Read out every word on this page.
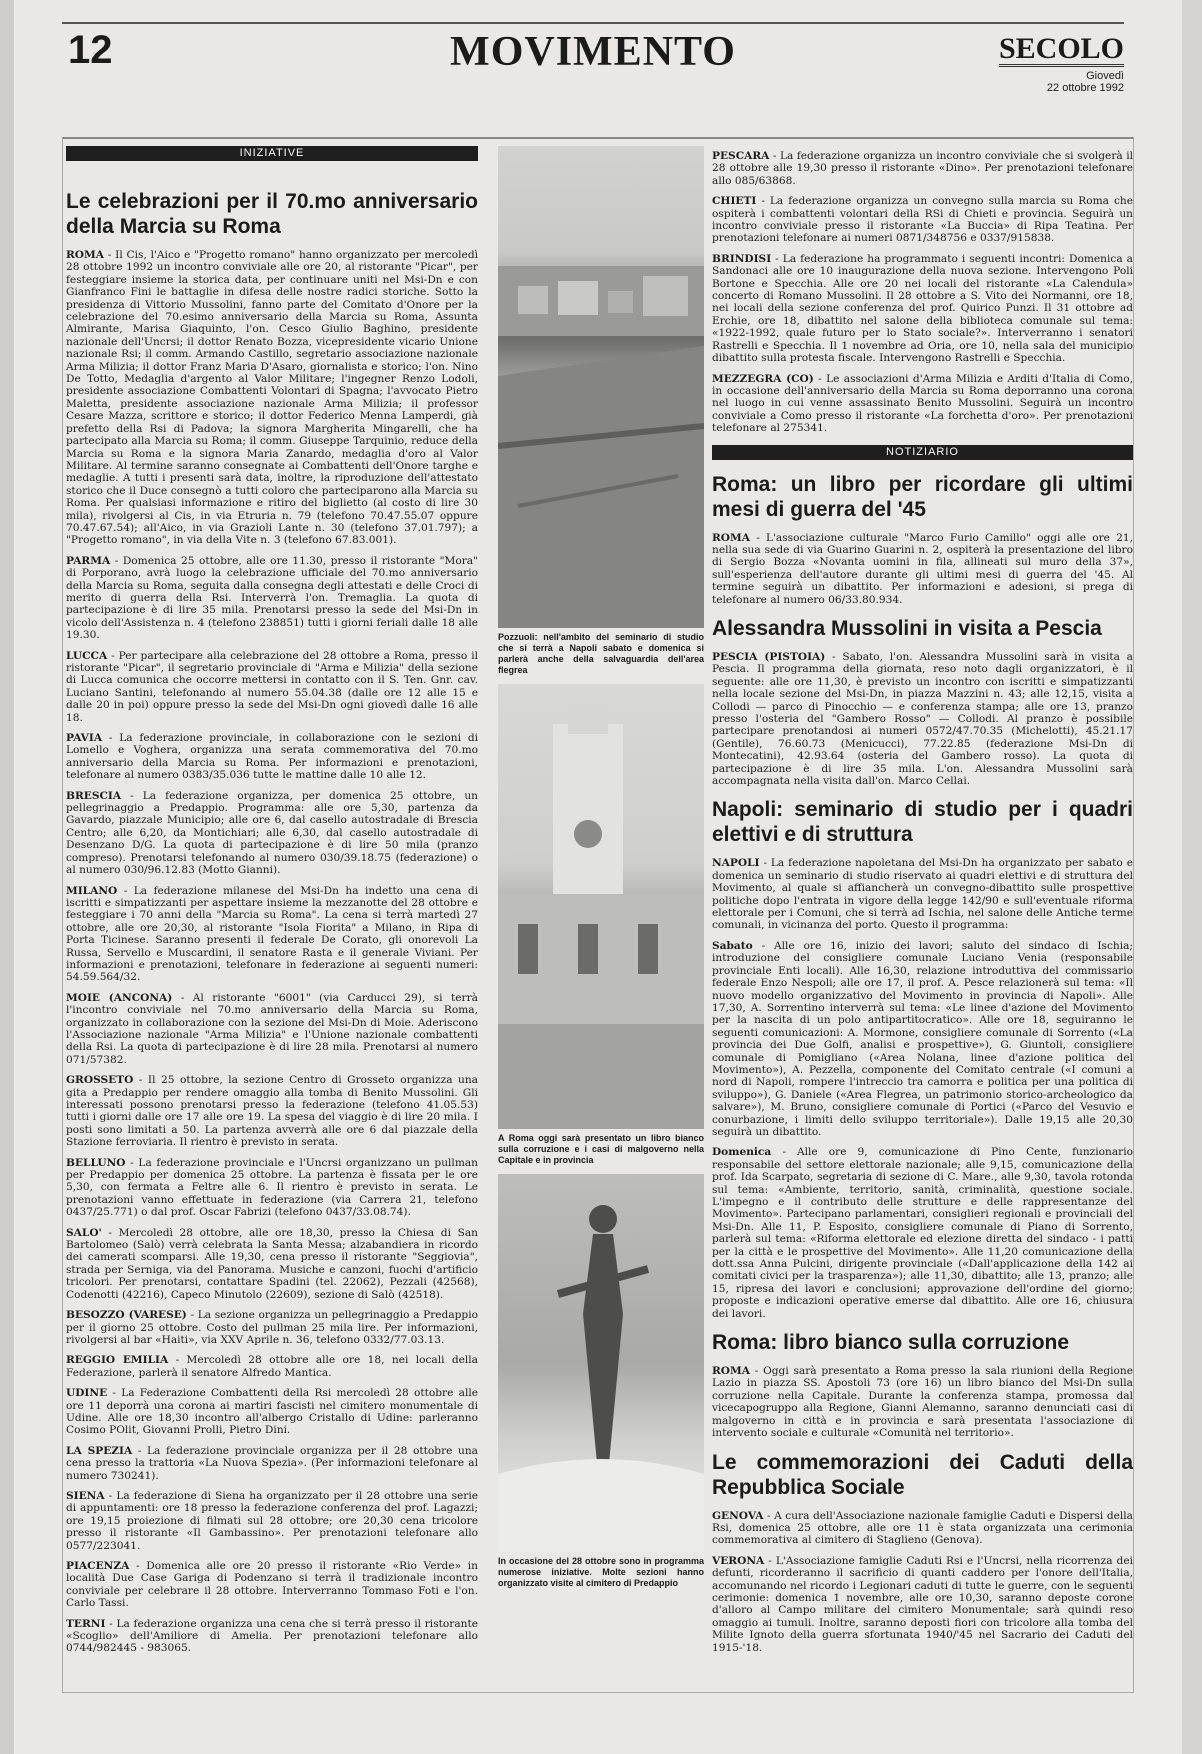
12	MOVIMENTO	SECOLO
Giovedì
22 ottobre 1992
INIZIATIVE
Le celebrazioni per il 70.mo anniversario della Marcia su Roma

ROMA - Il Cis, l'Aico e "Progetto romano" hanno organizzato per mercoledì 28 ottobre 1992 un incontro conviviale alle ore 20, al ristorante "Picar", per festeggiare insieme la storica data, per continuare uniti nel Msi-Dn e con Gianfranco Fini le battaglie in difesa delle nostre radici storiche. Sotto la presidenza di Vittorio Mussolini, fanno parte del Comitato d'Onore per la celebrazione del 70.esimo anniversario della Marcia su Roma, Assunta Almirante, Marisa Giaquinto, l'on. Cesco Giulio Baghino, presidente nazionale dell'Uncrsi; il dottor Renato Bozza, vicepresidente vicario Unione nazionale Rsi; il comm. Armando Castillo, segretario associazione nazionale Arma Milizia; il dottor Franz Maria D'Asaro, giornalista e storico; l'on. Nino De Totto, Medaglia d'argento al Valor Militare; l'ingegner Renzo Lodoli, presidente associazione Combattenti Volontari di Spagna; l'avvocato Pietro Maletta, presidente associazione nazionale Arma Milizia; il professor Cesare Mazza, scrittore e storico; il dottor Federico Menna Lamperdi, già prefetto della Rsi di Padova; la signora Margherita Mingarelli, che ha partecipato alla Marcia su Roma; il comm. Giuseppe Tarquinio, reduce della Marcia su Roma e la signora Maria Zanardo, medaglia d'oro al Valor Militare. Al termine saranno consegnate ai Combattenti dell'Onore targhe e medaglie. A tutti i presenti sarà data, inoltre, la riproduzione dell'attestato storico che il Duce consegnò a tutti coloro che parteciparono alla Marcia su Roma. Per qualsiasi informazione e ritiro del biglietto (al costo di lire 30 mila), rivolgersi al Cis, in via Etruria n. 79 (telefono 70.47.55.07 oppure 70.47.67.54); all'Aico, in via Grazioli Lante n. 30 (telefono 37.01.797); a "Progetto romano", in via della Vite n. 3 (telefono 67.83.001).

PARMA - Domenica 25 ottobre, alle ore 11.30, presso il ristorante "Mora" di Porporano, avrà luogo la celebrazione ufficiale del 70.mo anniversario della Marcia su Roma, seguita dalla consegna degli attestati e delle Croci di merito di guerra della Rsi. Interverrà l'on. Tremaglia. La quota di partecipazione è di lire 35 mila. Prenotarsi presso la sede del Msi-Dn in vicolo dell'Assistenza n. 4 (telefono 238851) tutti i giorni feriali dalle 18 alle 19.30.

LUCCA - Per partecipare alla celebrazione del 28 ottobre a Roma, presso il ristorante "Picar", il segretario provinciale di "Arma e Milizia" della sezione di Lucca comunica che occorre mettersi in contatto con il S. Ten. Gnr. cav. Luciano Santini, telefonando al numero 55.04.38 (dalle ore 12 alle 15 e dalle 20 in poi) oppure presso la sede del Msi-Dn ogni giovedì dalle 16 alle 18.

PAVIA - La federazione provinciale, in collaborazione con le sezioni di Lomello e Voghera, organizza una serata commemorativa del 70.mo anniversario della Marcia su Roma. Per informazioni e prenotazioni, telefonare al numero 0383/35.036 tutte le mattine dalle 10 alle 12.

BRESCIA - La federazione organizza, per domenica 25 ottobre, un pellegrinaggio a Predappio. Programma: alle ore 5,30, partenza da Gavardo, piazzale Municipio; alle ore 6, dal casello autostradale di Brescia Centro; alle 6,20, da Montichiari; alle 6,30, dal casello autostradale di Desenzano D/G. La quota di partecipazione è di lire 50 mila (pranzo compreso). Prenotarsi telefonando al numero 030/39.18.75 (federazione) o al numero 030/96.12.83 (Motto Gianni).

MILANO - La federazione milanese del Msi-Dn ha indetto una cena di iscritti e simpatizzanti per aspettare insieme la mezzanotte del 28 ottobre e festeggiare i 70 anni della "Marcia su Roma". La cena si terrà martedì 27 ottobre, alle ore 20,30, al ristorante "Isola Fiorita" a Milano, in Ripa di Porta Ticinese. Saranno presenti il federale De Corato, gli onorevoli La Russa, Servello e Muscardini, il senatore Rasta e il generale Viviani. Per informazioni e prenotazioni, telefonare in federazione ai seguenti numeri: 54.59.564/32.

MOIE (ANCONA) - Al ristorante "6001" (via Carducci 29), si terrà l'incontro conviviale nel 70.mo anniversario della Marcia su Roma, organizzato in collaborazione con la sezione del Msi-Dn di Moie. Aderiscono l'Associazione nazionale "Arma Milizia" e l'Unione nazionale combattenti della Rsi. La quota di partecipazione è di lire 28 mila. Prenotarsi al numero 071/57382.

GROSSETO - Il 25 ottobre, la sezione Centro di Grosseto organizza una gita a Predappio per rendere omaggio alla tomba di Benito Mussolini. Gli interessati possono prenotarsi presso la federazione (telefono 41.05.53) tutti i giorni dalle ore 17 alle ore 19. La spesa del viaggio è di lire 20 mila. I posti sono limitati a 50. La partenza avverrà alle ore 6 dal piazzale della Stazione ferroviaria. Il rientro è previsto in serata.

BELLUNO - La federazione provinciale e l'Uncrsi organizzano un pullman per Predappio per domenica 25 ottobre. La partenza è fissata per le ore 5,30, con fermata a Feltre alle 6. Il rientro è previsto in serata. Le prenotazioni vanno effettuate in federazione (via Carrera 21, telefono 0437/25.771) o dal prof. Oscar Fabrizi (telefono 0437/33.08.74).

SALO' - Mercoledì 28 ottobre, alle ore 18,30, presso la Chiesa di San Bartolomeo (Salò) verrà celebrata la Santa Messa; alzabandiera in ricordo dei camerati scomparsi. Alle 19,30, cena presso il ristorante "Seggiovia", strada per Serniga, via del Panorama. Musiche e canzoni, fuochi d'artificio tricolori. Per prenotarsi, contattare Spadini (tel. 22062), Pezzali (42568), Codenotti (42216), Capeco Minutolo (22609), sezione di Salò (42518).

BESOZZO (VARESE) - La sezione organizza un pellegrinaggio a Predappio per il giorno 25 ottobre. Costo del pullman 25 mila lire. Per informazioni, rivolgersi al bar «Haiti», via XXV Aprile n. 36, telefono 0332/77.03.13.

REGGIO EMILIA - Mercoledì 28 ottobre alle ore 18, nei locali della Federazione, parlerà il senatore Alfredo Mantica.

UDINE - La Federazione Combattenti della Rsi mercoledì 28 ottobre alle ore 11 deporrà una corona ai martiri fascisti nel cimitero monumentale di Udine. Alle ore 18,30 incontro all'albergo Cristallo di Udine: parleranno Cosimo POlit, Giovanni Prolli, Pietro Dini.

LA SPEZIA - La federazione provinciale organizza per il 28 ottobre una cena presso la trattoria «La Nuova Spezia». (Per informazioni telefonare al numero 730241).

SIENA - La federazione di Siena ha organizzato per il 28 ottobre una serie di appuntamenti: ore 18 presso la federazione conferenza del prof. Lagazzi; ore 19,15 proiezione di filmati sul 28 ottobre; ore 20,30 cena tricolore presso il ristorante «Il Gambassino». Per prenotazioni telefonare allo 0577/223041.

PIACENZA - Domenica alle ore 20 presso il ristorante «Rio Verde» in località Due Case Gariga di Podenzano si terrà il tradizionale incontro conviviale per celebrare il 28 ottobre. Interverranno Tommaso Foti e l'on. Carlo Tassi.

TERNI - La federazione organizza una cena che si terrà presso il ristorante «Scoglio» dell'Amiliore di Amelia. Per prenotazioni telefonare allo 0744/982445 - 983065.

Pozzuoli: nell'ambito del seminario di studio che si terrà a Napoli sabato e domenica si parlerà anche della salvaguardia dell'area flegrea
A Roma oggi sarà presentato un libro bianco sulla corruzione e i casi di malgoverno nella Capitale e in provincia
In occasione del 28 ottobre sono in programma numerose iniziative. Molte sezioni hanno organizzato visite al cimitero di Predappio

PESCARA - La federazione organizza un incontro conviviale che si svolgerà il 28 ottobre alle 19,30 presso il ristorante «Dino». Per prenotazioni telefonare allo 085/63868.

CHIETI - La federazione organizza un convegno sulla marcia su Roma che ospiterà i combattenti volontari della RSi di Chieti e provincia. Seguirà un incontro conviviale presso il ristorante «La Buccia» di Ripa Teatina. Per prenotazioni telefonare ai numeri 0871/348756 e 0337/915838.

BRINDISI - La federazione ha programmato i seguenti incontri: Domenica a Sandonaci alle ore 10 inaugurazione della nuova sezione. Intervengono Poli Bortone e Specchia. Alle ore 20 nei locali del ristorante «La Calendula» concerto di Romano Mussolini. Il 28 ottobre a S. Vito dei Normanni, ore 18, nei locali della sezione conferenza del prof. Quirico Punzi. Il 31 ottobre ad Erchie, ore 18, dibattito nel salone della biblioteca comunale sul tema: «1922-1992, quale futuro per lo Stato sociale?». Interverranno i senatori Rastrelli e Specchia. Il 1 novembre ad Oria, ore 10, nella sala del municipio dibattito sulla protesta fiscale. Intervengono Rastrelli e Specchia.

MEZZEGRA (CO) - Le associazioni d'Arma Milizia e Arditi d'Italia di Como, in occasione dell'anniversario della Marcia su Roma deporranno una corona nel luogo in cui venne assassinato Benito Mussolini. Seguirà un incontro conviviale a Como presso il ristorante «La forchetta d'oro». Per prenotazioni telefonare al 275341.

NOTIZIARIO
Roma: un libro per ricordare gli ultimi mesi di guerra del '45

ROMA - L'associazione culturale "Marco Furio Camillo" oggi alle ore 21, nella sua sede di via Guarino Guarini n. 2, ospiterà la presentazione del libro di Sergio Bozza «Novanta uomini in fila, allineati sul muro della 37», sull'esperienza dell'autore durante gli ultimi mesi di guerra del '45. Al termine seguirà un dibattito. Per informazioni e adesioni, si prega di telefonare al numero 06/33.80.934.

Alessandra Mussolini in visita a Pescia

PESCIA (PISTOIA) - Sabato, l'on. Alessandra Mussolini sarà in visita a Pescia. Il programma della giornata, reso noto dagli organizzatori, è il seguente: alle ore 11,30, è previsto un incontro con iscritti e simpatizzanti nella locale sezione del Msi-Dn, in piazza Mazzini n. 43; alle 12,15, visita a Collodi — parco di Pinocchio — e conferenza stampa; alle ore 13, pranzo presso l'osteria del "Gambero Rosso" — Collodi. Al pranzo è possibile partecipare prenotandosi ai numeri 0572/47.70.35 (Michelotti), 45.21.17 (Gentile), 76.60.73 (Menicucci), 77.22.85 (federazione Msi-Dn di Montecatini), 42.93.64 (osteria del Gambero rosso). La quota di partecipazione è di lire 35 mila. L'on. Alessandra Mussolini sarà accompagnata nella visita dall'on. Marco Cellai.

Napoli: seminario di studio per i quadri elettivi e di struttura

NAPOLI - La federazione napoletana del Msi-Dn ha organizzato per sabato e domenica un seminario di studio riservato ai quadri elettivi e di struttura del Movimento, al quale si affiancherà un convegno-dibattito sulle prospettive politiche dopo l'entrata in vigore della legge 142/90 e sull'eventuale riforma elettorale per i Comuni, che si terrà ad Ischia, nel salone delle Antiche terme comunali, in vicinanza del porto. Questo il programma:

Sabato - Alle ore 16, inizio dei lavori; saluto del sindaco di Ischia; introduzione del consigliere comunale Luciano Venia (responsabile provinciale Enti locali). Alle 16,30, relazione introduttiva del commissario federale Enzo Nespoli; alle ore 17, il prof. A. Pesce relazionerà sul tema: «Il nuovo modello organizzativo del Movimento in provincia di Napoli». Alle 17,30, A. Sorrentino interverrà sul tema: «Le linee d'azione del Movimento per la nascita di un polo antipartitocratico». Alle ore 18, seguiranno le seguenti comunicazioni: A. Mormone, consigliere comunale di Sorrento («La provincia dei Due Golfi, analisi e prospettive»), G. Giuntoli, consigliere comunale di Pomigliano («Area Nolana, linee d'azione politica del Movimento»), A. Pezzella, componente del Comitato centrale («I comuni a nord di Napoli, rompere l'intreccio tra camorra e politica per una politica di sviluppo»), G. Daniele («Area Flegrea, un patrimonio storico-archeologico da salvare»), M. Bruno, consigliere comunale di Portici («Parco del Vesuvio e conurbazione, i limiti dello sviluppo territoriale»). Dalle 19,15 alle 20,30 seguirà un dibattito.

Domenica - Alle ore 9, comunicazione di Pino Cente, funzionario responsabile del settore elettorale nazionale; alle 9,15, comunicazione della prof. Ida Scarpato, segretaria di sezione di C. Mare., alle 9,30, tavola rotonda sul tema: «Ambiente, territorio, sanità, criminalità, questione sociale. L'impegno e il contributo delle strutture e delle rappresentanze del Movimento». Partecipano parlamentari, consiglieri regionali e provinciali del Msi-Dn. Alle 11, P. Esposito, consigliere comunale di Piano di Sorrento, parlerà sul tema: «Riforma elettorale ed elezione diretta del sindaco - i patti per la città e le prospettive del Movimento». Alle 11,20 comunicazione della dott.ssa Anna Pulcini, dirigente provinciale («Dall'applicazione della 142 ai comitati civici per la trasparenza»); alle 11,30, dibattito; alle 13, pranzo; alle 15, ripresa dei lavori e conclusioni; approvazione dell'ordine del giorno; proposte e indicazioni operative emerse dal dibattito. Alle ore 16, chiusura dei lavori.

Roma: libro bianco sulla corruzione

ROMA - Oggi sarà presentato a Roma presso la sala riunioni della Regione Lazio in piazza SS. Apostoli 73 (ore 16) un libro bianco del Msi-Dn sulla corruzione nella Capitale. Durante la conferenza stampa, promossa dal vicecapogruppo alla Regione, Gianni Alemanno, saranno denunciati casi di malgoverno in città e in provincia e sarà presentata l'associazione di intervento sociale e culturale «Comunità nel territorio».

Le commemorazioni dei Caduti della Repubblica Sociale

GENOVA - A cura dell'Associazione nazionale famiglie Caduti e Dispersi della Rsi, domenica 25 ottobre, alle ore 11 è stata organizzata una cerimonia commemorativa al cimitero di Staglieno (Genova).

VERONA - L'Associazione famiglie Caduti Rsi e l'Uncrsi, nella ricorrenza dei defunti, ricorderanno il sacrificio di quanti caddero per l'onore dell'Italia, accomunando nel ricordo i Legionari caduti di tutte le guerre, con le seguenti cerimonie: domenica 1 novembre, alle ore 10,30, saranno deposte corone d'alloro al Campo militare del cimitero Monumentale; sarà quindi reso omaggio ai tumuli. Inoltre, saranno deposti fiori con tricolore alla tomba del Milite Ignoto della guerra sfortunata 1940/'45 nel Sacrario dei Caduti del 1915-'18.
